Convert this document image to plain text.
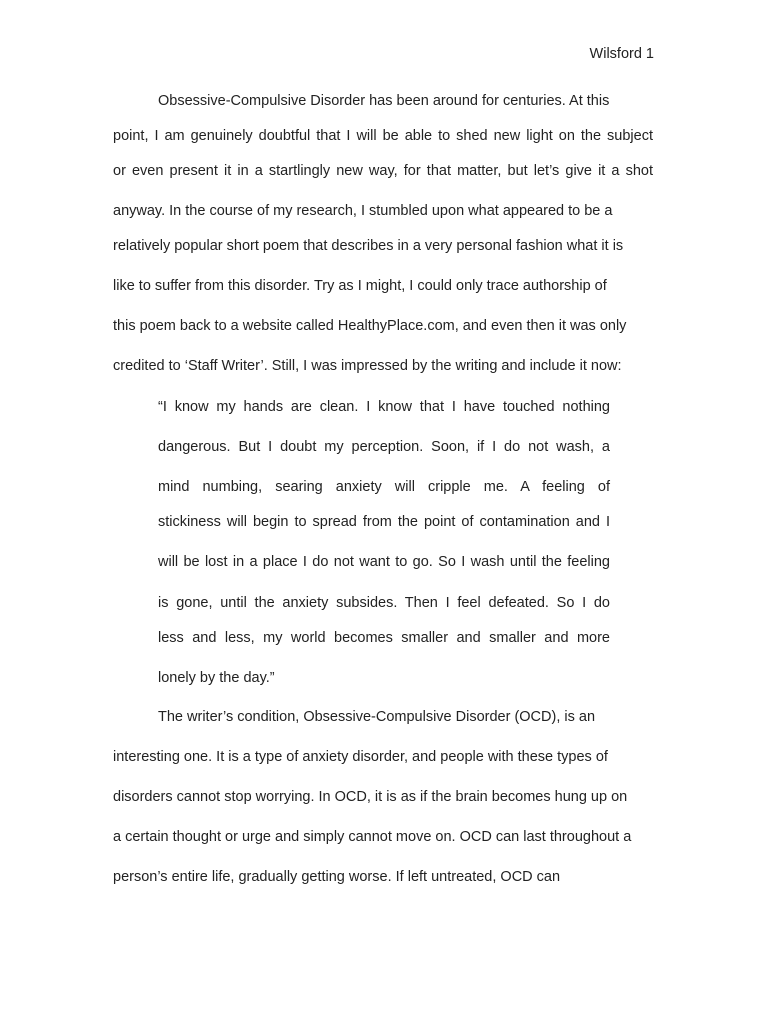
Wilsford 1
Obsessive-Compulsive Disorder has been around for centuries. At this
point, I am genuinely doubtful that I will be able to shed new light on the subject
or even present it in a startlingly new way, for that matter, but let’s give it a shot
anyway. In the course of my research, I stumbled upon what appeared to be a
relatively popular short poem that describes in a very personal fashion what it is
like to suffer from this disorder. Try as I might, I could only trace authorship of
this poem back to a website called HealthyPlace.com, and even then it was only
credited to ‘Staff Writer’. Still, I was impressed by the writing and include it now:
“I know my hands are clean. I know that I have touched nothing
dangerous. But I doubt my perception. Soon, if I do not wash, a
mind numbing, searing anxiety will cripple me. A feeling of
stickiness will begin to spread from the point of contamination and I
will be lost in a place I do not want to go. So I wash until the feeling
is gone, until the anxiety subsides. Then I feel defeated. So I do
less and less, my world becomes smaller and smaller and more
lonely by the day.”
The writer’s condition, Obsessive-Compulsive Disorder (OCD), is an
interesting one. It is a type of anxiety disorder, and people with these types of
disorders cannot stop worrying. In OCD, it is as if the brain becomes hung up on
a certain thought or urge and simply cannot move on. OCD can last throughout a
person’s entire life, gradually getting worse. If left untreated, OCD can
